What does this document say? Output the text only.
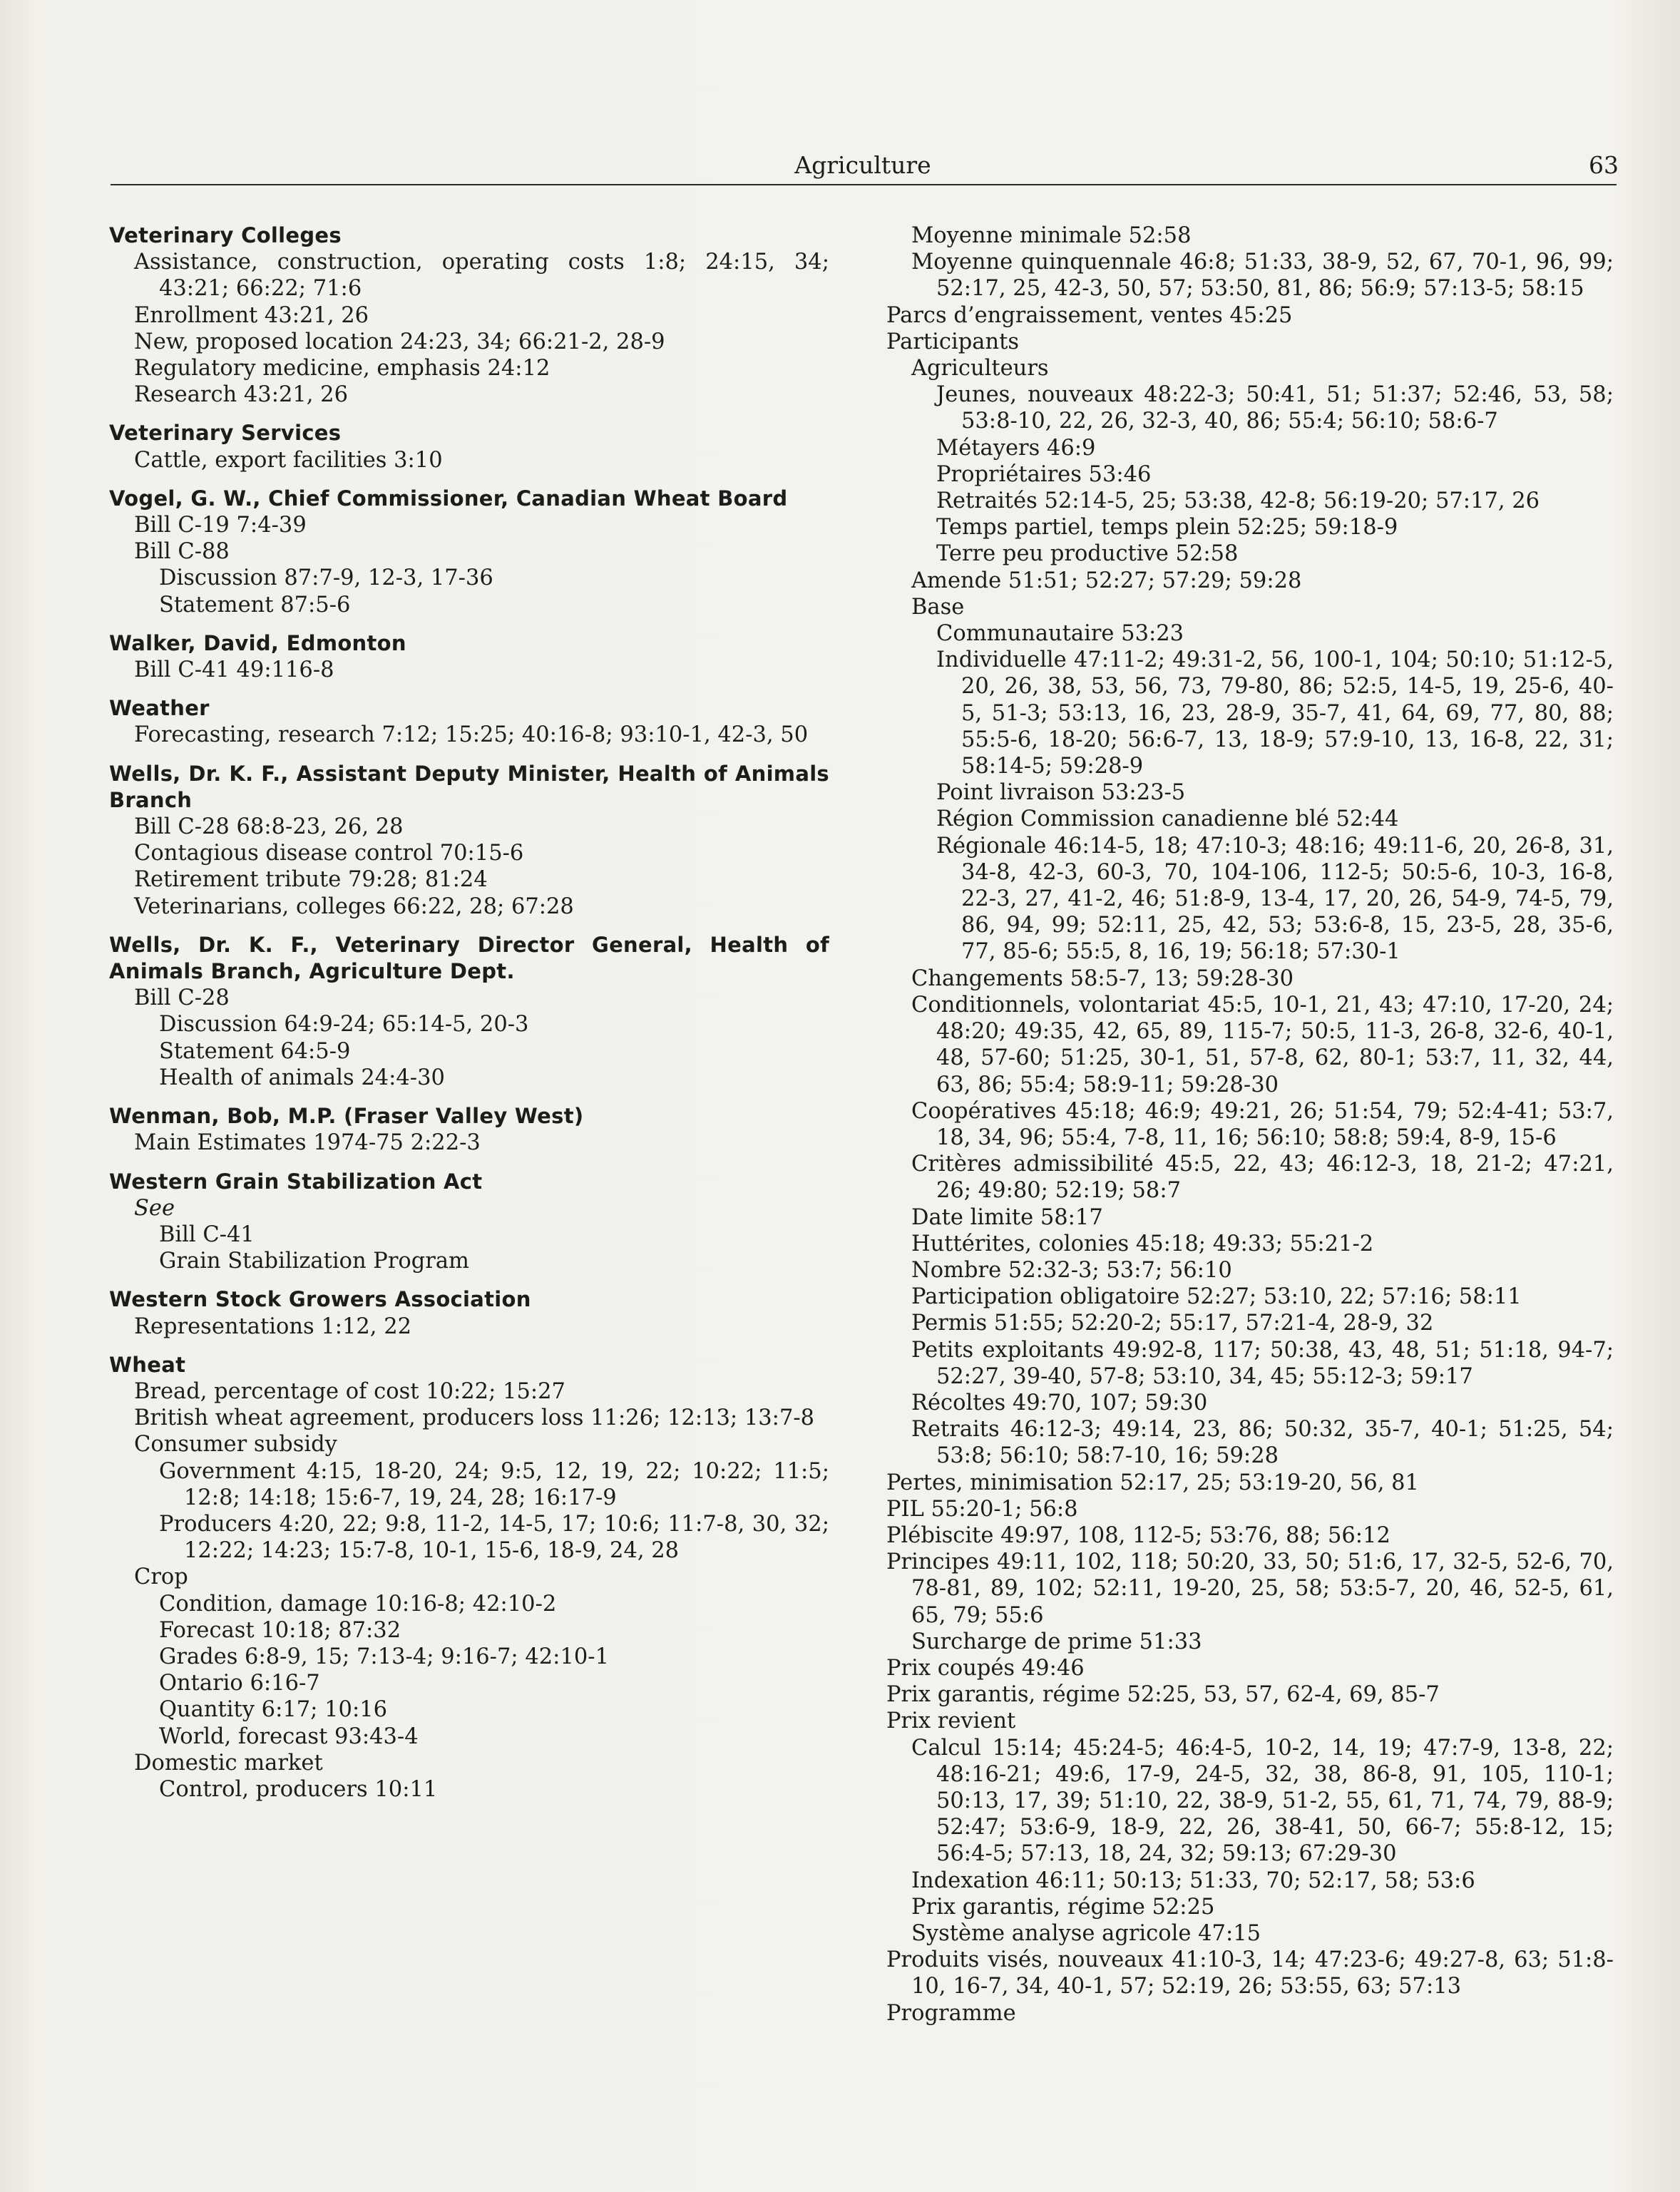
Agriculture	63
Veterinary Colleges
Assistance, construction, operating costs 1:8; 24:15, 34; 43:21; 66:22; 71:6
Enrollment 43:21, 26
New, proposed location 24:23, 34; 66:21-2, 28-9
Regulatory medicine, emphasis 24:12
Research 43:21, 26
Veterinary Services
Cattle, export facilities 3:10
Vogel, G. W., Chief Commissioner, Canadian Wheat Board
Bill C-19 7:4-39
Bill C-88
Discussion 87:7-9, 12-3, 17-36
Statement 87:5-6
Walker, David, Edmonton
Bill C-41 49:116-8
Weather
Forecasting, research 7:12; 15:25; 40:16-8; 93:10-1, 42-3, 50
Wells, Dr. K. F., Assistant Deputy Minister, Health of Animals Branch
Bill C-28 68:8-23, 26, 28
Contagious disease control 70:15-6
Retirement tribute 79:28; 81:24
Veterinarians, colleges 66:22, 28; 67:28
Wells, Dr. K. F., Veterinary Director General, Health of Animals Branch, Agriculture Dept.
Bill C-28
Discussion 64:9-24; 65:14-5, 20-3
Statement 64:5-9
Health of animals 24:4-30
Wenman, Bob, M.P. (Fraser Valley West)
Main Estimates 1974-75 2:22-3
Western Grain Stabilization Act
See
Bill C-41
Grain Stabilization Program
Western Stock Growers Association
Representations 1:12, 22
Wheat
Bread, percentage of cost 10:22; 15:27
British wheat agreement, producers loss 11:26; 12:13; 13:7-8
Consumer subsidy
Government 4:15, 18-20, 24; 9:5, 12, 19, 22; 10:22; 11:5; 12:8; 14:18; 15:6-7, 19, 24, 28; 16:17-9
Producers 4:20, 22; 9:8, 11-2, 14-5, 17; 10:6; 11:7-8, 30, 32; 12:22; 14:23; 15:7-8, 10-1, 15-6, 18-9, 24, 28
Crop
Condition, damage 10:16-8; 42:10-2
Forecast 10:18; 87:32
Grades 6:8-9, 15; 7:13-4; 9:16-7; 42:10-1
Ontario 6:16-7
Quantity 6:17; 10:16
World, forecast 93:43-4
Domestic market
Control, producers 10:11
Moyenne minimale 52:58
Moyenne quinquennale 46:8; 51:33, 38-9, 52, 67, 70-1, 96, 99; 52:17, 25, 42-3, 50, 57; 53:50, 81, 86; 56:9; 57:13-5; 58:15
Parcs d’engraissement, ventes 45:25
Participants
Agriculteurs
Jeunes, nouveaux 48:22-3; 50:41, 51; 51:37; 52:46, 53, 58; 53:8-10, 22, 26, 32-3, 40, 86; 55:4; 56:10; 58:6-7
Métayers 46:9
Propriétaires 53:46
Retraités 52:14-5, 25; 53:38, 42-8; 56:19-20; 57:17, 26
Temps partiel, temps plein 52:25; 59:18-9
Terre peu productive 52:58
Amende 51:51; 52:27; 57:29; 59:28
Base
Communautaire 53:23
Individuelle 47:11-2; 49:31-2, 56, 100-1, 104; 50:10; 51:12-5, 20, 26, 38, 53, 56, 73, 79-80, 86; 52:5, 14-5, 19, 25-6, 40-5, 51-3; 53:13, 16, 23, 28-9, 35-7, 41, 64, 69, 77, 80, 88; 55:5-6, 18-20; 56:6-7, 13, 18-9; 57:9-10, 13, 16-8, 22, 31; 58:14-5; 59:28-9
Point livraison 53:23-5
Région Commission canadienne blé 52:44
Régionale 46:14-5, 18; 47:10-3; 48:16; 49:11-6, 20, 26-8, 31, 34-8, 42-3, 60-3, 70, 104-106, 112-5; 50:5-6, 10-3, 16-8, 22-3, 27, 41-2, 46; 51:8-9, 13-4, 17, 20, 26, 54-9, 74-5, 79, 86, 94, 99; 52:11, 25, 42, 53; 53:6-8, 15, 23-5, 28, 35-6, 77, 85-6; 55:5, 8, 16, 19; 56:18; 57:30-1
Changements 58:5-7, 13; 59:28-30
Conditionnels, volontariat 45:5, 10-1, 21, 43; 47:10, 17-20, 24; 48:20; 49:35, 42, 65, 89, 115-7; 50:5, 11-3, 26-8, 32-6, 40-1, 48, 57-60; 51:25, 30-1, 51, 57-8, 62, 80-1; 53:7, 11, 32, 44, 63, 86; 55:4; 58:9-11; 59:28-30
Coopératives 45:18; 46:9; 49:21, 26; 51:54, 79; 52:4-41; 53:7, 18, 34, 96; 55:4, 7-8, 11, 16; 56:10; 58:8; 59:4, 8-9, 15-6
Critères admissibilité 45:5, 22, 43; 46:12-3, 18, 21-2; 47:21, 26; 49:80; 52:19; 58:7
Date limite 58:17
Huttérites, colonies 45:18; 49:33; 55:21-2
Nombre 52:32-3; 53:7; 56:10
Participation obligatoire 52:27; 53:10, 22; 57:16; 58:11
Permis 51:55; 52:20-2; 55:17, 57:21-4, 28-9, 32
Petits exploitants 49:92-8, 117; 50:38, 43, 48, 51; 51:18, 94-7; 52:27, 39-40, 57-8; 53:10, 34, 45; 55:12-3; 59:17
Récoltes 49:70, 107; 59:30
Retraits 46:12-3; 49:14, 23, 86; 50:32, 35-7, 40-1; 51:25, 54; 53:8; 56:10; 58:7-10, 16; 59:28
Pertes, minimisation 52:17, 25; 53:19-20, 56, 81
PIL 55:20-1; 56:8
Plébiscite 49:97, 108, 112-5; 53:76, 88; 56:12
Principes 49:11, 102, 118; 50:20, 33, 50; 51:6, 17, 32-5, 52-6, 70, 78-81, 89, 102; 52:11, 19-20, 25, 58; 53:5-7, 20, 46, 52-5, 61, 65, 79; 55:6
Surcharge de prime 51:33
Prix coupés 49:46
Prix garantis, régime 52:25, 53, 57, 62-4, 69, 85-7
Prix revient
Calcul 15:14; 45:24-5; 46:4-5, 10-2, 14, 19; 47:7-9, 13-8, 22; 48:16-21; 49:6, 17-9, 24-5, 32, 38, 86-8, 91, 105, 110-1; 50:13, 17, 39; 51:10, 22, 38-9, 51-2, 55, 61, 71, 74, 79, 88-9; 52:47; 53:6-9, 18-9, 22, 26, 38-41, 50, 66-7; 55:8-12, 15; 56:4-5; 57:13, 18, 24, 32; 59:13; 67:29-30
Indexation 46:11; 50:13; 51:33, 70; 52:17, 58; 53:6
Prix garantis, régime 52:25
Système analyse agricole 47:15
Produits visés, nouveaux 41:10-3, 14; 47:23-6; 49:27-8, 63; 51:8-10, 16-7, 34, 40-1, 57; 52:19, 26; 53:55, 63; 57:13
Programme
